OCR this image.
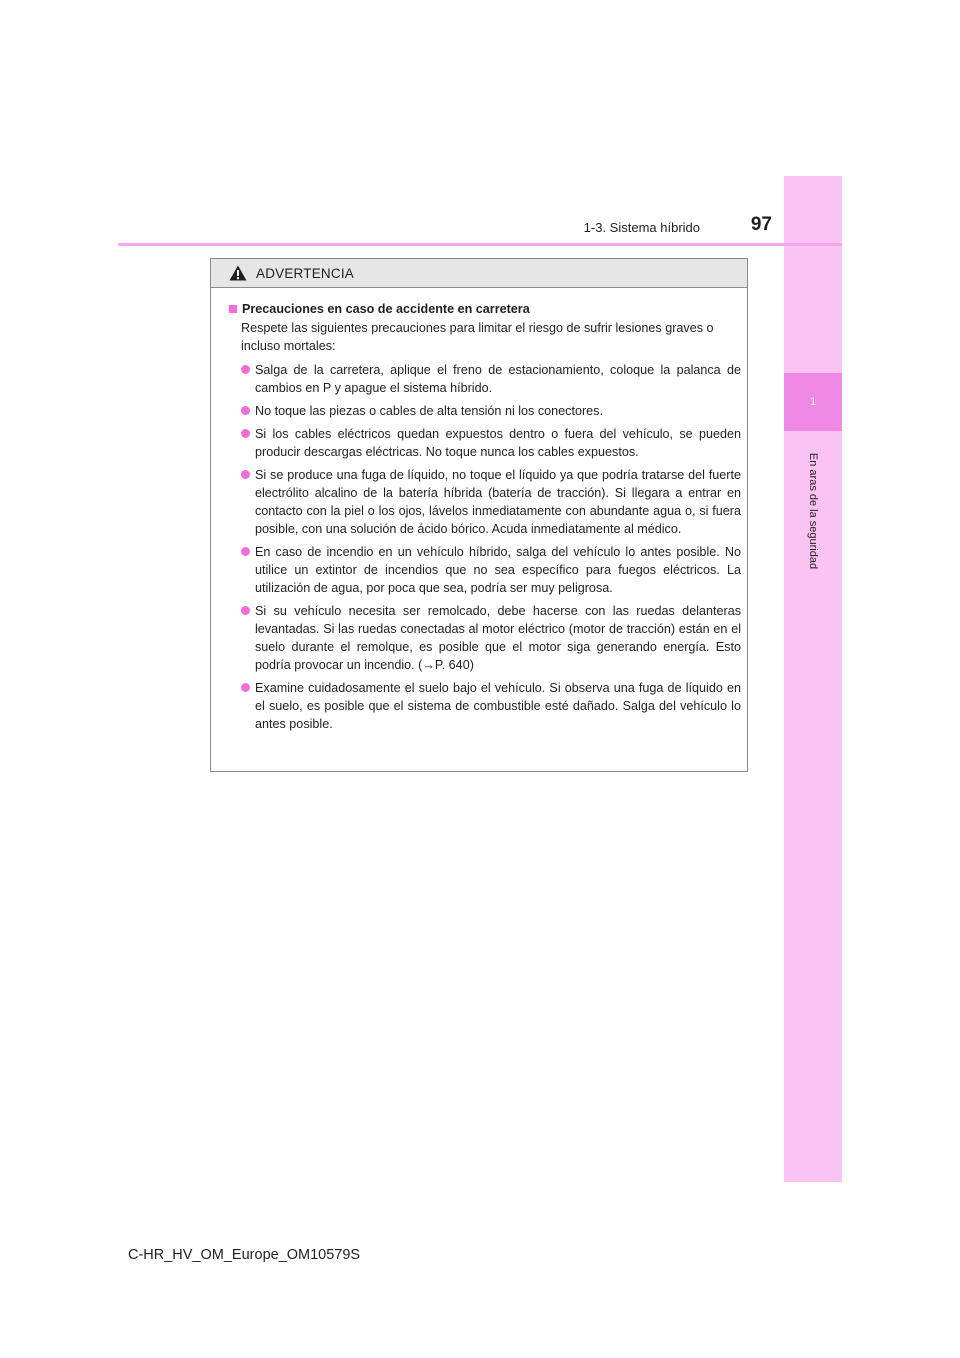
1
En aras de la seguridad
1-3. Sistema híbrido	97
ADVERTENCIA
Precauciones en caso de accidente en carretera
Respete las siguientes precauciones para limitar el riesgo de sufrir lesiones graves o incluso mortales:
Salga de la carretera, aplique el freno de estacionamiento, coloque la palanca de cambios en P y apague el sistema híbrido.
No toque las piezas o cables de alta tensión ni los conectores.
Si los cables eléctricos quedan expuestos dentro o fuera del vehículo, se pueden producir descargas eléctricas. No toque nunca los cables expuestos.
Si se produce una fuga de líquido, no toque el líquido ya que podría tratarse del fuerte electrólito alcalino de la batería híbrida (batería de tracción). Si llegara a entrar en contacto con la piel o los ojos, lávelos inmediatamente con abundante agua o, si fuera posible, con una solución de ácido bórico. Acuda inmediatamente al médico.
En caso de incendio en un vehículo híbrido, salga del vehículo lo antes posible. No utilice un extintor de incendios que no sea específico para fuegos eléctricos. La utilización de agua, por poca que sea, podría ser muy peligrosa.
Si su vehículo necesita ser remolcado, debe hacerse con las ruedas delanteras levantadas. Si las ruedas conectadas al motor eléctrico (motor de tracción) están en el suelo durante el remolque, es posible que el motor siga generando energía. Esto podría provocar un incendio. (→P. 640)
Examine cuidadosamente el suelo bajo el vehículo. Si observa una fuga de líquido en el suelo, es posible que el sistema de combustible esté dañado. Salga del vehículo lo antes posible.
C-HR_HV_OM_Europe_OM10579S
